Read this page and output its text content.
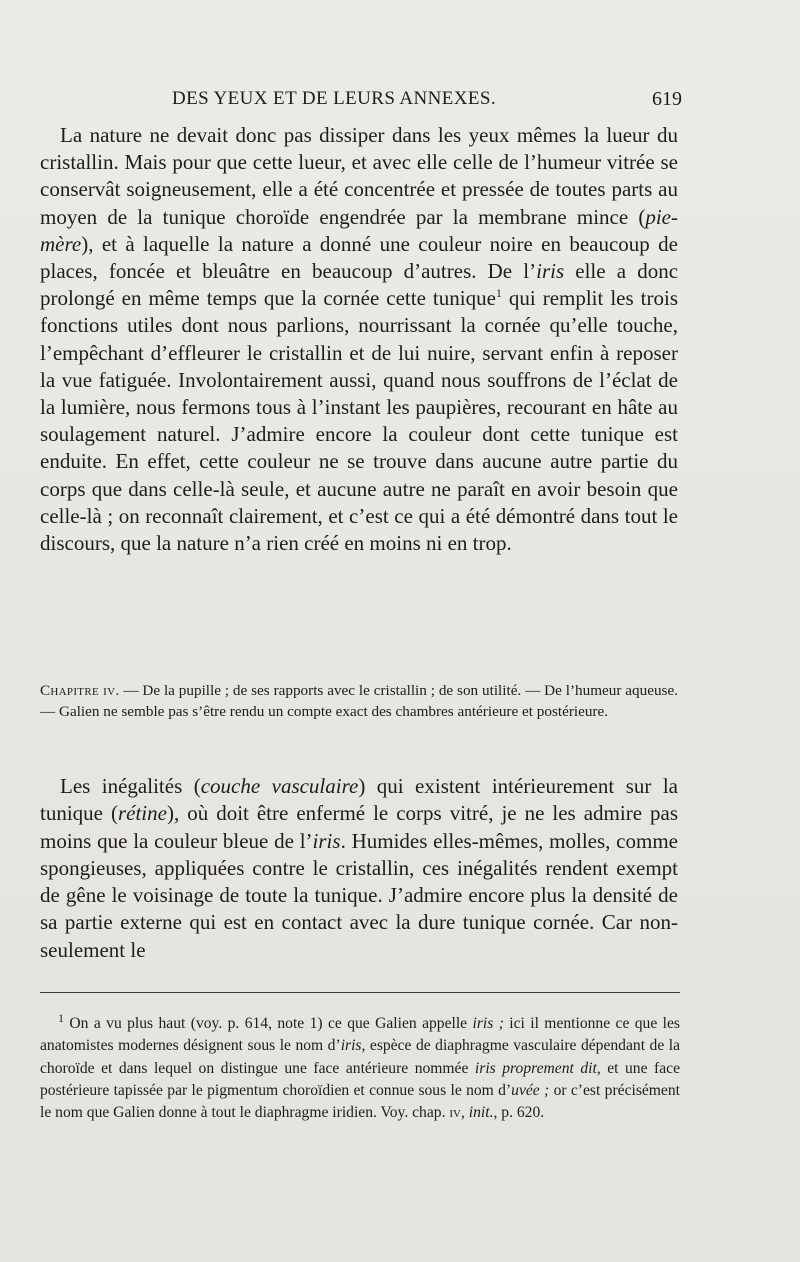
DES YEUX ET DE LEURS ANNEXES.	619

La nature ne devait donc pas dissiper dans les yeux mêmes la lueur du cristallin. Mais pour que cette lueur, et avec elle celle de l’humeur vitrée se conservât soigneusement, elle a été concentrée et pressée de toutes parts au moyen de la tunique choroïde engendrée par la membrane mince (pie-mère), et à laquelle la nature a donné une couleur noire en beaucoup de places, foncée et bleuâtre en beaucoup d’autres. De l’iris elle a donc prolongé en même temps que la cornée cette tunique$^1$ qui remplit les trois fonctions utiles dont nous parlions, nourrissant la cornée qu’elle touche, l’empêchant d’effleurer le cristallin et de lui nuire, servant enfin à reposer la vue fatiguée. Involontairement aussi, quand nous souffrons de l’éclat de la lumière, nous fermons tous à l’instant les paupières, recourant en hâte au soulagement naturel. J’admire encore la couleur dont cette tunique est enduite. En effet, cette couleur ne se trouve dans aucune autre partie du corps que dans celle-là seule, et aucune autre ne paraît en avoir besoin que celle-là ; on reconnaît clairement, et c’est ce qui a été démontré dans tout le discours, que la nature n’a rien créé en moins ni en trop.

Chapitre iv. — De la pupille ; de ses rapports avec le cristallin ; de son utilité. — De l’humeur aqueuse. — Galien ne semble pas s’être rendu un compte exact des chambres antérieure et postérieure.

Les inégalités (couche vasculaire) qui existent intérieurement sur la tunique (rétine), où doit être enfermé le corps vitré, je ne les admire pas moins que la couleur bleue de l’iris. Humides elles-mêmes, molles, comme spongieuses, appliquées contre le cristallin, ces inégalités rendent exempt de gêne le voisinage de toute la tunique. J’admire encore plus la densité de sa partie externe qui est en contact avec la dure tunique cornée. Car non-seulement le

$^1$ On a vu plus haut (voy. p. 614, note 1) ce que Galien appelle iris ; ici il mentionne ce que les anatomistes modernes désignent sous le nom d’iris, espèce de diaphragme vasculaire dépendant de la choroïde et dans lequel on distingue une face antérieure nommée iris proprement dit, et une face postérieure tapissée par le pigmentum choroïdien et connue sous le nom d’uvée ; or c’est précisément le nom que Galien donne à tout le diaphragme iridien. Voy. chap. iv, init., p. 620.
